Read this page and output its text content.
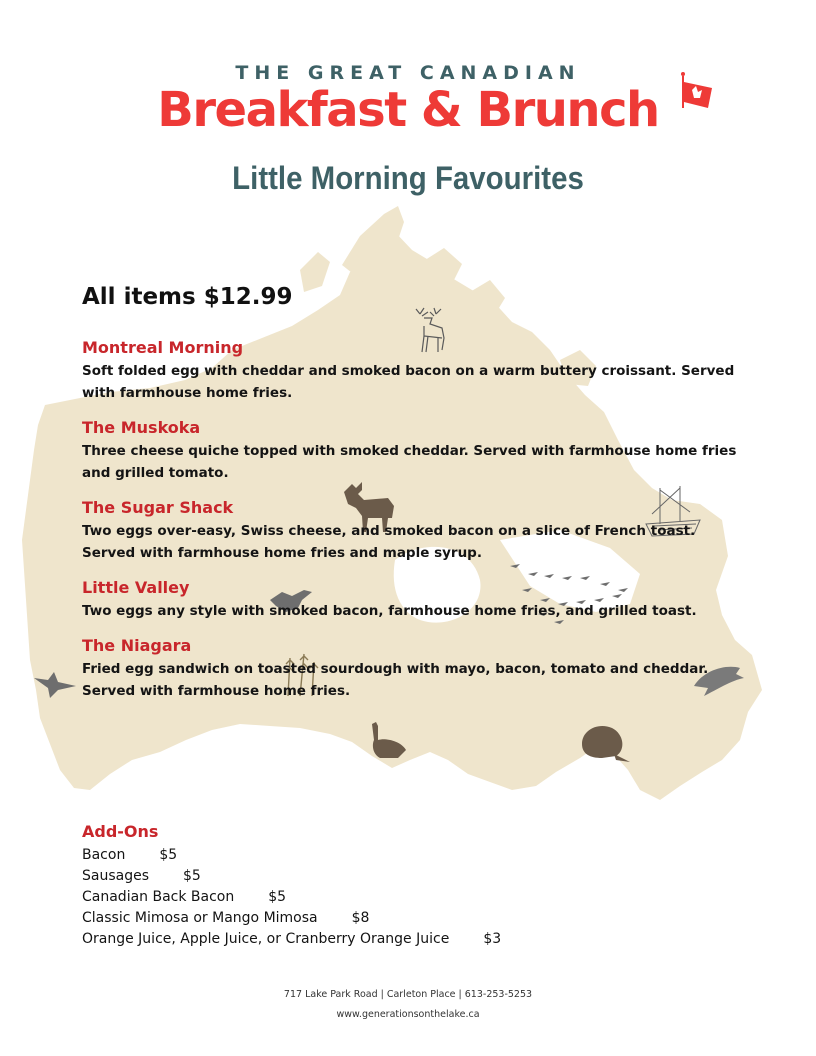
THE GREAT CANADIAN
Breakfast & Brunch
Little Morning Favourites
All items $12.99
Montreal Morning
Soft folded egg with cheddar and smoked bacon on a warm buttery croissant. Served with farmhouse home fries.
The Muskoka
Three cheese quiche topped with smoked cheddar. Served with farmhouse home fries and grilled tomato.
The Sugar Shack
Two eggs over-easy, Swiss cheese, and smoked bacon on a slice of French toast. Served with farmhouse home fries and maple syrup.
Little Valley
Two eggs any style with smoked bacon, farmhouse home fries, and grilled toast.
The Niagara
Fried egg sandwich on toasted sourdough with mayo, bacon, tomato and cheddar. Served with farmhouse home fries.
Add-Ons
Bacon $5
Sausages $5
Canadian Back Bacon $5
Classic Mimosa or Mango Mimosa $8
Orange Juice, Apple Juice, or Cranberry Orange Juice $3
717 Lake Park Road | Carleton Place | 613-253-5253
www.generationsonthelake.ca
